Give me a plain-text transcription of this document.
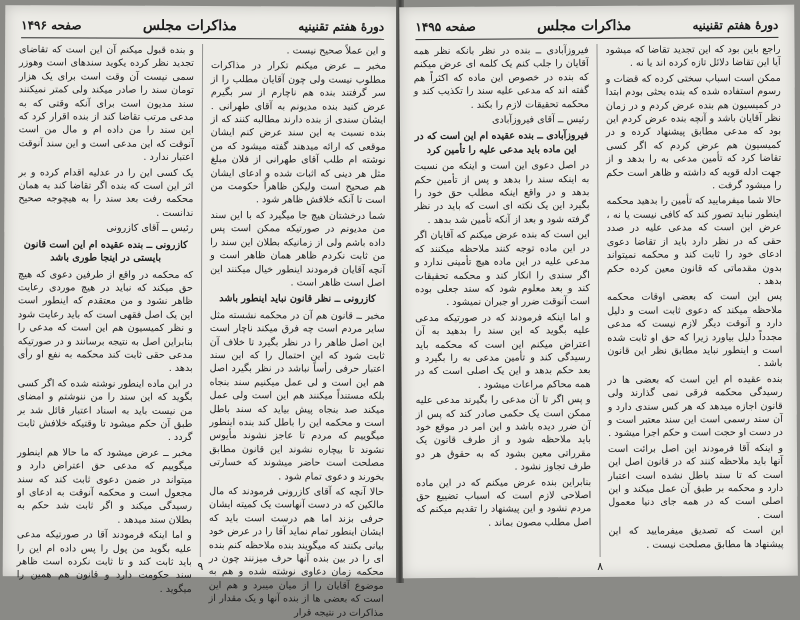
دورهٔ هفتم تقنینیه
مذاکرات مجلس
صفحه ۱۴۹۶

و این عملاً صحیح نیست .

مخبر ــ عرض میکنم تکرار در مذاکرات مطلوب نیست ولی چون آقایان مطلب را از سر گرفتند بنده هم ناچارم از سر بگیرم عرض کنید بنده مدیونم به آقای طهرانی . ایشان سندی از بنده دارند مطالبه کنند که از بنده نسبت به این سند عرض کنم ایشان موقعی که ارائه میدهند گفته میشود که من نوشته ام طلب آقای طهرانی از فلان مبلغ مثل هر دینی که اثبات شده و ادعای ایشان هم صحیح است ولیکن ظاهراً حکومت من است تا آنکه خلافش ظاهر شود .

شما درخشتان هیچ جا میگیرد که با این سند من مدیونم در صورتیکه ممکن است پس داده باشم ولی از زمانیکه بطلان این سند را من ثابت نکردم ظاهر همان ظاهر است و آنچه آقایان فرمودند اینطور خیال میکنند این اصل است ظاهر است .

کازرونی ــ نظر قانون نباید اینطور باشد

مخبر ــ قانون هم آن در محکمه نشسته مثل سایر مردم است چه فرق میکند ناچار است این اصل ظاهر را در نظر بگیرد تا خلاف آن ثابت شود که این احتمال را که این سند اعتبار حرفی رأساً نباشد در نظر بگیرد اصل هم این است و لی عمل میکنیم سند بنجاه بلکه مستنداً میکنند هم این است ولی عمل میکند صد بنجاه پیش بیاید که سند باطل است و محکمه این را باطل کند بنده اینطور میگوییم که مردم تا عاجز نشوند مأیوس نشوند تا بیچاره نشوند این قانون مطابق مصلحت است حاضر میشوند که خسارتی بخورند و دعوی تمام شود .

حالا آنچه که آقای کازرونی فرمودند که مال مالکین که در دست آنهاست یک کمیته ایشان حرفی بزند اما هم درست است باید که ایشان اینطور تمام نماید آقا را در عرض خود بیانی بکنند که میگویند بنده ملاحظه کنم بنده ای را در بین بنده آنها حرف میزنند چون در محکمه زمان دعاوی نوشته شده و هم به موضوع آقایان را از میان میبرد و هم این است که بعضی ها از بنده آنها و یک مقدار از مذاکرات در نتیجه قرار

و بنده قبول میکنم آن این است که تقاضای تجدید نظر کرده یکوید سندهای است وهوزر سمی نیست آن وقت است برای یک هزار تومان سند را صادر میکند ولی کمتر نمیکنند سند مدیون است برای آنکه وقتی که به مدعی مرتب تقاضا کند از بنده اقرار کرد که این سند را من داده ام و مال من است آنوقت که این مدعی است و این سند آنوقت اعتبار ندارد .

یک کسی این را در عدلیه اقدام کرده و بر اثر این است که بنده اگر تقاضا کند به همان محکمه رفت بعد سند را به هیچوجه صحیح ندانست .

رئیس ــ آقای کازرونی

کازرونی ــ بنده عقیده ام این است قانون بایستی در اینجا طوری باشد

که محکمه در واقع از طرفین دعوی که هیچ حق میکند که نباید در هیچ موردی رعایت ظاهر نشود و من معتقدم که اینطور است این یک اصل فقهی است که باید رعایت شود و نظر کمیسیون هم این است که مدعی را بنابراین اصل به نتیجه برسانند و در صورتیکه مدعی حقی ثابت کند محکمه به نفع او رأی بدهد .

در این ماده اینطور نوشته شده که اگر کسی بگوید که این سند را من ننوشتم و امضای من نیست باید به اسناد اعتبار قائل شد بر طبق آن حکم میشود تا وقتیکه خلافش ثابت گردد .

مخبر ــ عرض میشود که ما حالا هم اینطور میگوییم که مدعی حق اعتراض دارد و میتواند در ضمن دعوی ثابت کند که سند مجعول است و محکمه آنوقت به ادعای او رسیدگی میکند و اگر ثابت شد حکم به بطلان سند میدهد .

و اما اینکه فرمودند آقا در صورتیکه مدعی علیه بگوید من پول را پس داده ام این را باید ثابت کند و تا ثابت نکرده است ظاهر سند حکومت دارد و قانون هم همین را میگوید .

۹
دورهٔ هفتم تقنینیه
مذاکرات مجلس
صفحه ۱۴۹۵

راجع باین بود که این تجدید تقاضا که میشود آیا این تقاضا دلائل تازه کرده اند یا نه .

ممکن است اسباب سختی کرده که قضات و رسوم استفاده شده که بنده بحثی بودم ابتدا در کمیسیون هم بنده عرض کردم و در زمان نظر آقایان باشد و آنچه بنده عرض کردم این بود که مدعی مطابق پیشنهاد کرده و در کمیسیون هم عرض کردم که اگر کسی تقاضا کرد که تأمین مدعی به را بدهد و از جهت ادله قویه که داشته و ظاهر است حکم را میشود گرفت .

حالا شما میفرمایید که تأمین را بدهید محکمه اینطور نباید تصور کند که کافی نیست یا نه ، عرض این است که مدعی علیه در صدد حقی که در نظر دارد باید از تقاضا دعوی ادعای خود را ثابت کند و محکمه نمیتواند بدون مقدماتی که قانون معین کرده حکم بدهد .

پس این است که بعضی اوقات محکمه ملاحظه میکند که دعوی ثابت است و دلیل دارد و آنوقت دیگر لازم نیست که مدعی مجدداً دلیل بیاورد زیرا که حق او ثابت شده است و اینطور نباید مطابق نظر این قانون باشد .

بنده عقیده ام این است که بعضی ها در رسیدگی محکمه فرقی نمی گذارند ولی قانون اجازه میدهد که هر کس سندی دارد و آن سند رسمی است این سند معتبر است و در دست او حجت است و حکم اجرا میشود .

و اینکه آقا فرمودند این اصل برائت است آنها باید ملاحظه کنند که در قانون اصل این است که تا سند باطل نشده است اعتبار دارد و محکمه بر طبق آن عمل میکند و این اصلی است که در همه جای دنیا معمول است .

این است که تصدیق میفرمایید که این پیشنهاد ها مطابق مصلحت نیست .

فیروزآبادی ــ بنده در نظر بانکه نظر همه آقایان را جلب کنم یک کلمه ای عرض میکنم که بنده در خصوص این ماده که اکثراً هم گفته اند که مدعی علیه سند را تکذیب کند و محکمه تحقیقات لازم را بکند .

رئیس ــ آقای فیروزآبادی

فیروزآبادی ــ بنده عقیده ام این است که در این ماده باید مدعی علیه را تأمین کرد

در اصل دعوی این است و اینکه من نسبت به اینکه سند را بدهد و پس از تأمین حکم بدهد و در واقع اینکه مطلب حق خود را بگیرد این یک نکته ای است که باید در نظر گرفته شود و بعد از آنکه تأمین شد بدهد .

این است که بنده عرض میکنم که آقایان اگر در این ماده توجه کنند ملاحظه میکنند که مدعی علیه در این ماده هیچ تأمینی ندارد و اگر سندی را انکار کند و محکمه تحقیقات کند و بعد معلوم شود که سند جعلی بوده است آنوقت ضرر او جبران نمیشود .

و اما اینکه فرمودند که در صورتیکه مدعی علیه بگوید که این سند را بدهید به آن اعتراض میکنم این است که محکمه باید رسیدگی کند و تأمین مدعی به را بگیرد و بعد حکم بدهد و این یک اصلی است که در همه محاکم مراعات میشود .

و پس اگر تا آن مدعی را بگیرند مدعی علیه ممکن است یک حکمی صادر کند که پس از آن ضرر دیده باشد و این امر در موقع خود باید ملاحظه شود و از طرف قانون یک مقرراتی معین بشود که به حقوق هر دو طرف تجاوز نشود .

بنابراین بنده عرض میکنم که در این ماده اصلاحی لازم است که اسباب تضییع حق مردم نشود و این پیشنهاد را تقدیم میکنم که اصل مطلب مصون بماند .

۸
